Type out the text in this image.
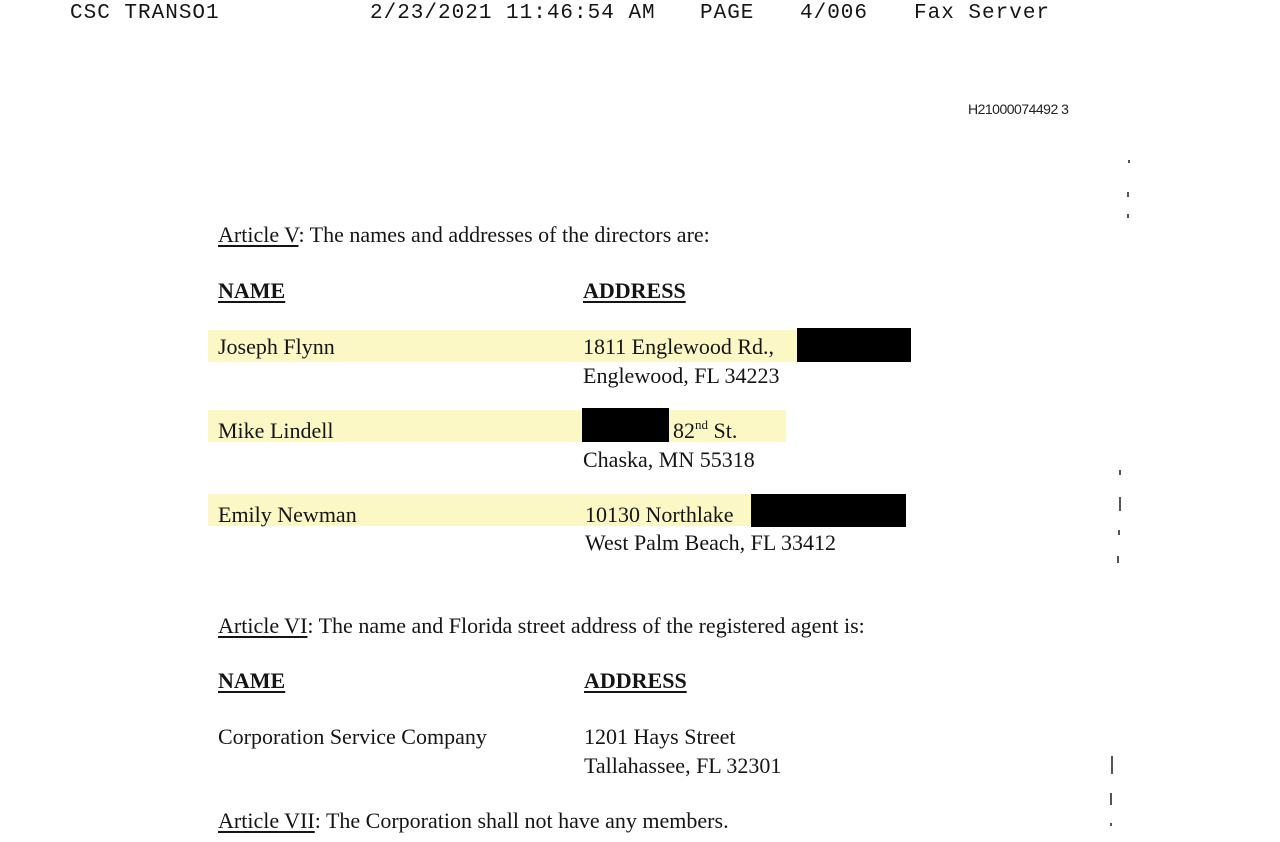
CSC TRANSO1	2/23/2021 11:46:54 AM PAGE 4/006 Fax Server
H21000074492 3
Article V: The names and addresses of the directors are:
NAME	ADDRESS
Joseph Flynn	1811 Englewood Rd.,
Englewood, FL 34223
Mike Lindell	82nd St.
Chaska, MN 55318
Emily Newman	10130 Northlake
West Palm Beach, FL 33412
Article VI: The name and Florida street address of the registered agent is:
NAME	ADDRESS
Corporation Service Company	1201 Hays Street
Tallahassee, FL 32301
Article VII: The Corporation shall not have any members.
